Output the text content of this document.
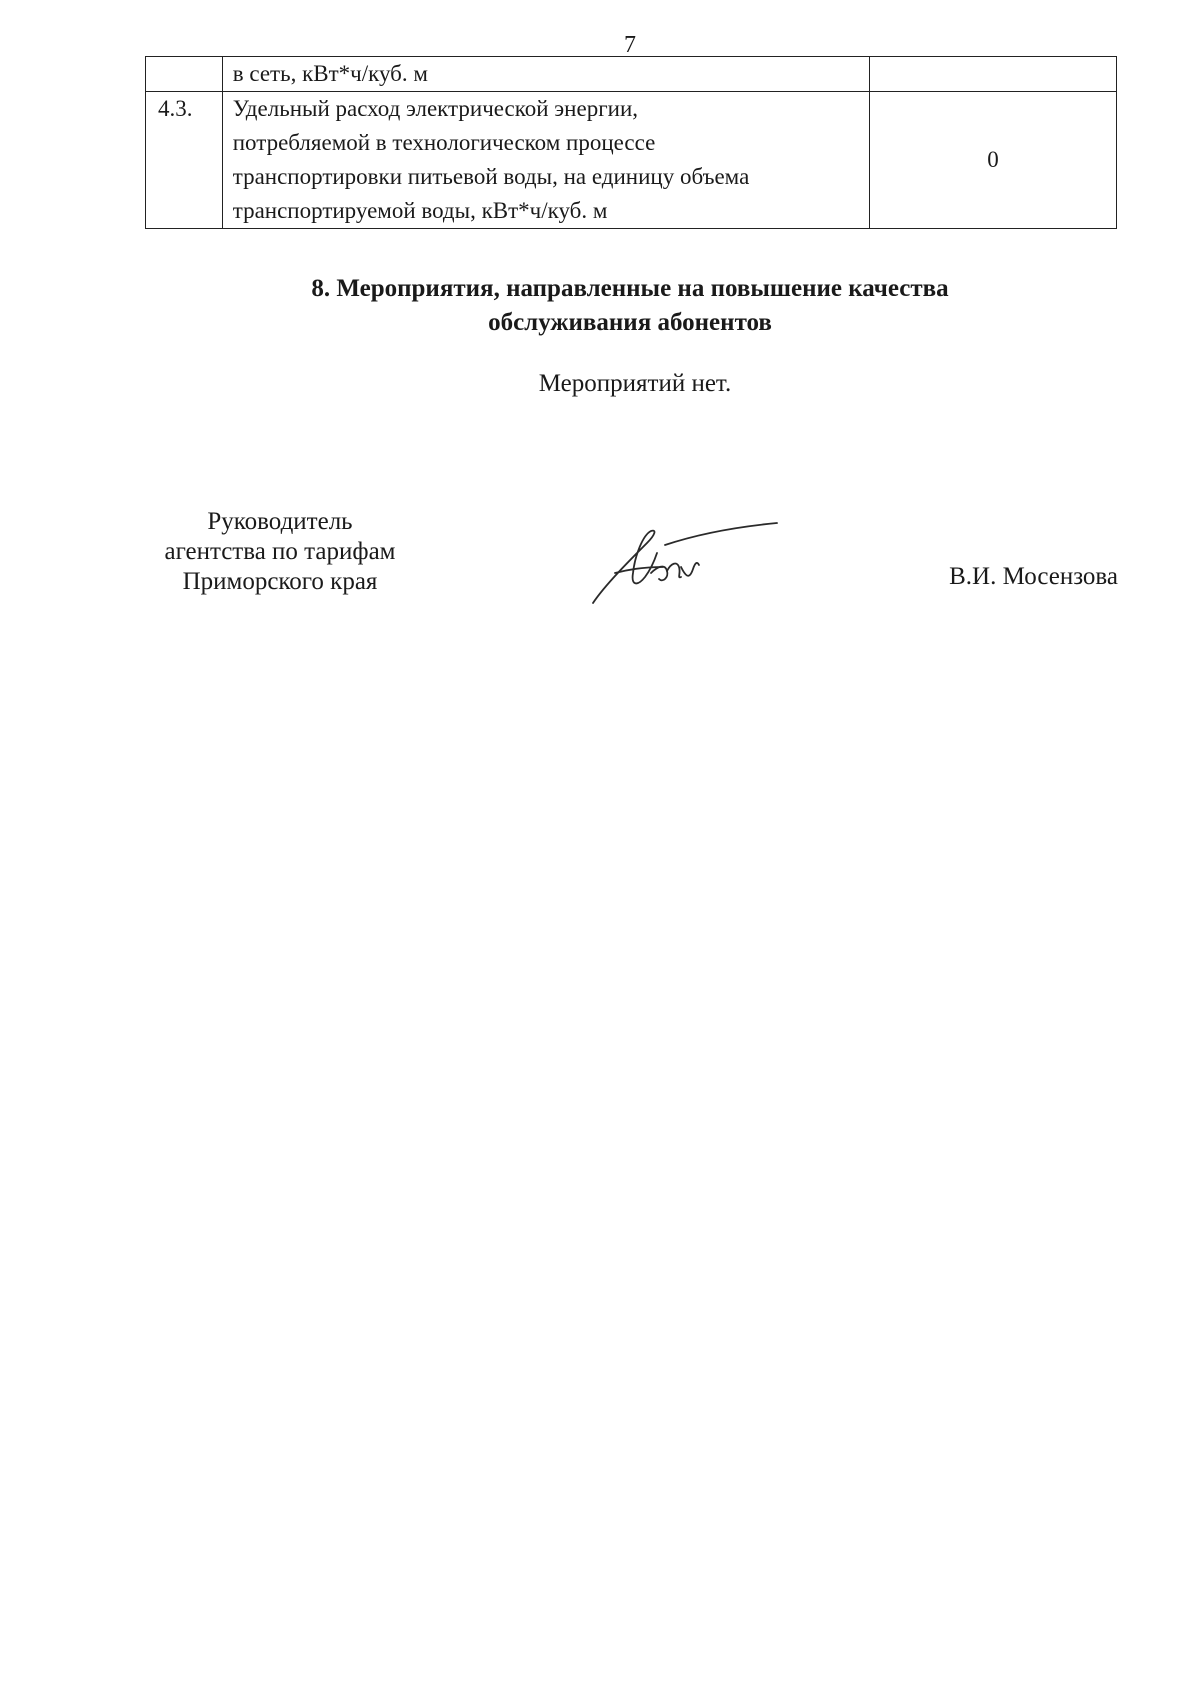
7

	в сеть, кВт*ч/куб. м	

4.3.	Удельный расход электрической энергии,
потребляемой в технологическом процессе
транспортировки питьевой воды, на единицу объема
транспортируемой воды, кВт*ч/куб. м	0
8. Мероприятия, направленные на повышение качества
обслуживания абонентов
Мероприятий нет.
Руководитель
агентства по тарифам
Приморского края	В.И. Мосензова
